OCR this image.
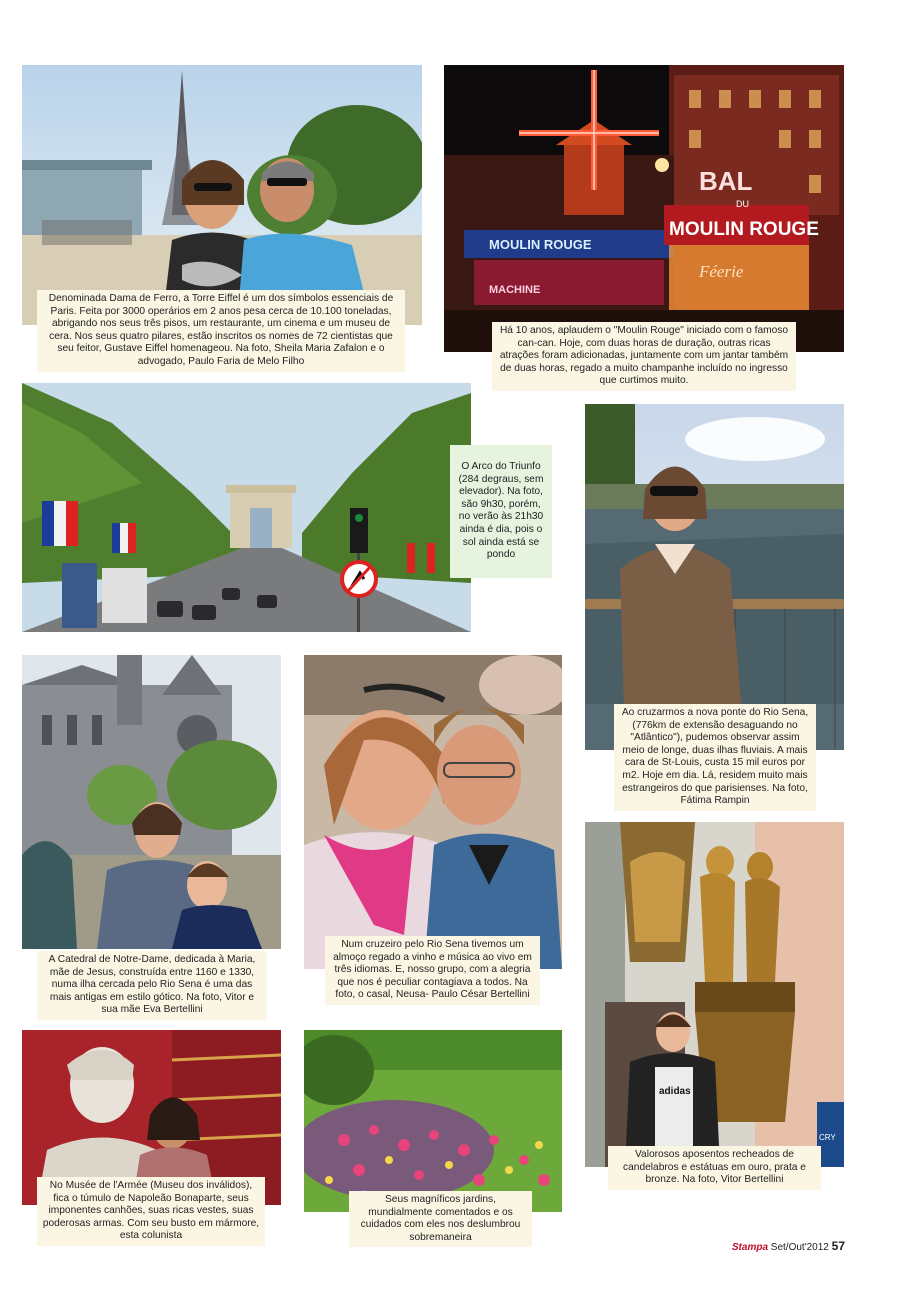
Denominada Dama de Ferro, a Torre Eiffel é um dos símbolos essenciais de Paris. Feita por 3000 operários em 2 anos pesa cerca de 10.100 toneladas, abrigando nos seus três pisos, um restaurante, um cinema e um museu de cera. Nos seus quatro pilares, estão inscritos os nomes de 72 cientistas que seu feitor, Gustave Eiffel homenageou. Na foto, Sheila Maria Zafalon e o advogado, Paulo Faria de Melo Filho
MOULIN ROUGE
BAL
DU
MOULIN ROUGE
Féerie
MACHINE
Há 10 anos, aplaudem o "Moulin Rouge" iniciado com o famoso can-can. Hoje, com duas horas de duração, outras ricas atrações foram adicionadas, juntamente com um jantar também de duas horas, regado a muito champanhe incluído no ingresso que curtimos muito.
O Arco do Triunfo (284 degraus, sem elevador). Na foto, são 9h30, porém, no verão às 21h30 ainda é dia, pois o sol ainda está se pondo
Ao cruzarmos a nova ponte do Rio Sena, (776km de extensão desaguando no "Atlântico"), pudemos observar assim meio de longe, duas ilhas fluviais. A mais cara de St-Louis, custa 15 mil euros por m2. Hoje em dia. Lá, residem muito mais estrangeiros do que parisienses. Na foto, Fátima Rampin
A Catedral de Notre-Dame, dedicada à Maria, mãe de Jesus, construída entre 1160 e 1330, numa ilha cercada pelo Rio Sena é uma das mais antigas em estilo gótico. Na foto, Vitor e sua mãe Eva Bertellini
Num cruzeiro pelo Rio Sena tivemos um almoço regado a vinho e música ao vivo em três idiomas. E, nosso grupo, com a alegria que nos é peculiar contagiava a todos. Na foto, o casal, Neusa- Paulo César Bertellini
adidas
CRY
Valorosos aposentos recheados de candelabros e estátuas em ouro, prata e bronze. Na foto, Vitor Bertellini
No Musée de l'Armée (Museu dos inválidos), fica o túmulo de Napoleão Bonaparte, seus imponentes canhões, suas ricas vestes, suas poderosas armas. Com seu busto em mármore, esta colunista
Seus magníficos jardins, mundialmente comentados e os cuidados com eles nos deslumbrou sobremaneira
Stampa Set/Out'2012 57
